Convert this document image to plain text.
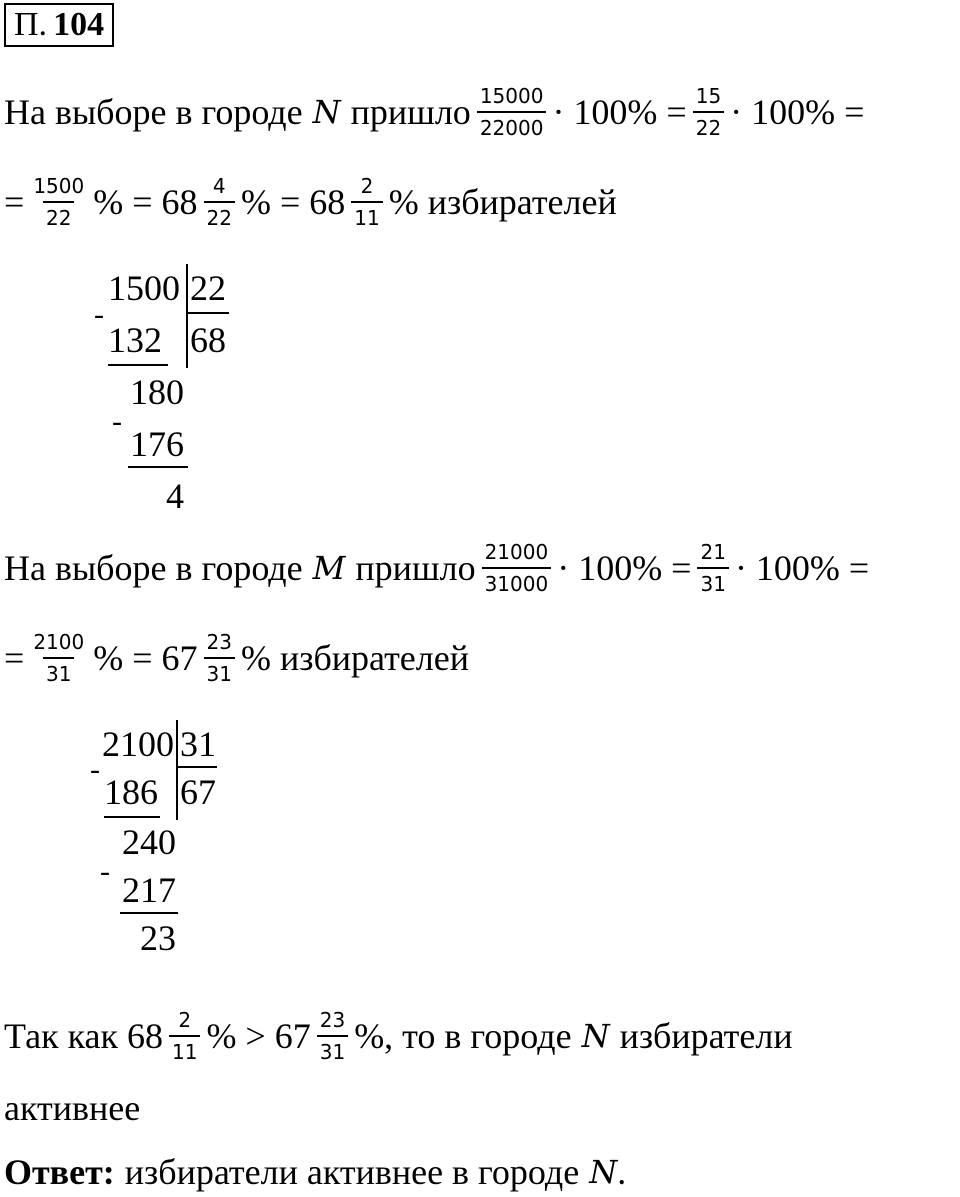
П. 104
На выборе в городе N пришло $\frac{15000}{22000} \cdot 100\% = \frac{15}{22} \cdot 100\%$ =
= $\frac{1500}{22}$ % = $68 \frac{4}{22}$ % = $68 \frac{2}{11}$ % избирателей
1500 22
68
-
132
180
-
176
4
На выборе в городе M пришло $\frac{21000}{31000} \cdot 100\% = \frac{21}{31} \cdot 100\%$ =
= $\frac{2100}{31}$ % = $67 \frac{23}{31}$ % избирателей
2100 31
67
-
186
240
- 217
23
Так как $68 \frac{2}{11}$ % > $67 \frac{23}{31}$ %, то в городе N избиратели
активнее
Ответ: избиратели активнее в городе N .
